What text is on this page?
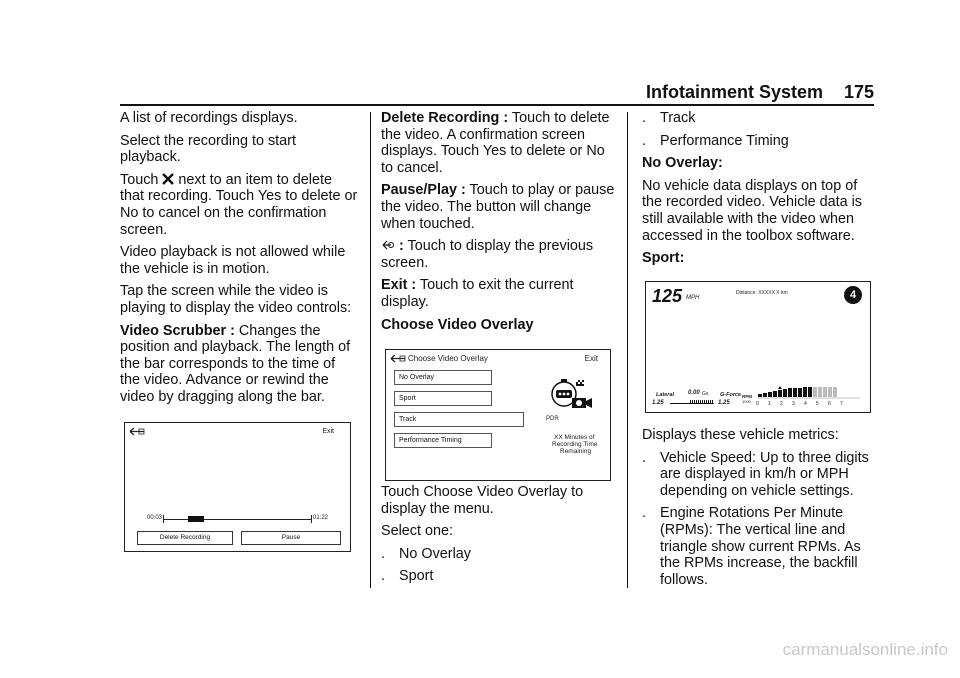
Infotainment System 175

A list of recordings displays.

Select the recording to start playback.

Touch next to an item to delete that recording. Touch Yes to delete or No to cancel on the confirmation screen.

Video playback is not allowed while the vehicle is in motion.

Tap the screen while the video is playing to display the video controls:

Video Scrubber : Changes the position and playback. The length of the bar corresponds to the time of the video. Advance or rewind the video by dragging along the bar.

Exit
00:03	01:22
Delete Recording	Pause

Delete Recording : Touch to delete the video. A confirmation screen displays. Touch Yes to delete or No to cancel.

Pause/Play : Touch to play or pause the video. The button will change when touched.

: Touch to display the previous screen.

Exit : Touch to exit the current display.

Choose Video Overlay

Choose Video Overlay	Exit
No Overlay
Sport
Track
Performance Timing
PDR
XX Minutes of
Recording Time
Remaining

Touch Choose Video Overlay to display the menu.

Select one:

. No Overlay
. Sport
. Track
. Performance Timing

No Overlay:

No vehicle data displays on top of the recorded video. Vehicle data is still available with the video when accessed in the toolbox software.

Sport:

125 MPH
Distance: XXXXX X km	4
Lateral
1.25
0.00 Gs G-Force
1.25
RPM
1000 0 1 2 3 4 5 6 7

Displays these vehicle metrics:

. Vehicle Speed: Up to three digits are displayed in km/h or MPH depending on vehicle settings.
. Engine Rotations Per Minute (RPMs): The vertical line and triangle show current RPMs. As the RPMs increase, the backfill follows.
carmanualsonline.info
